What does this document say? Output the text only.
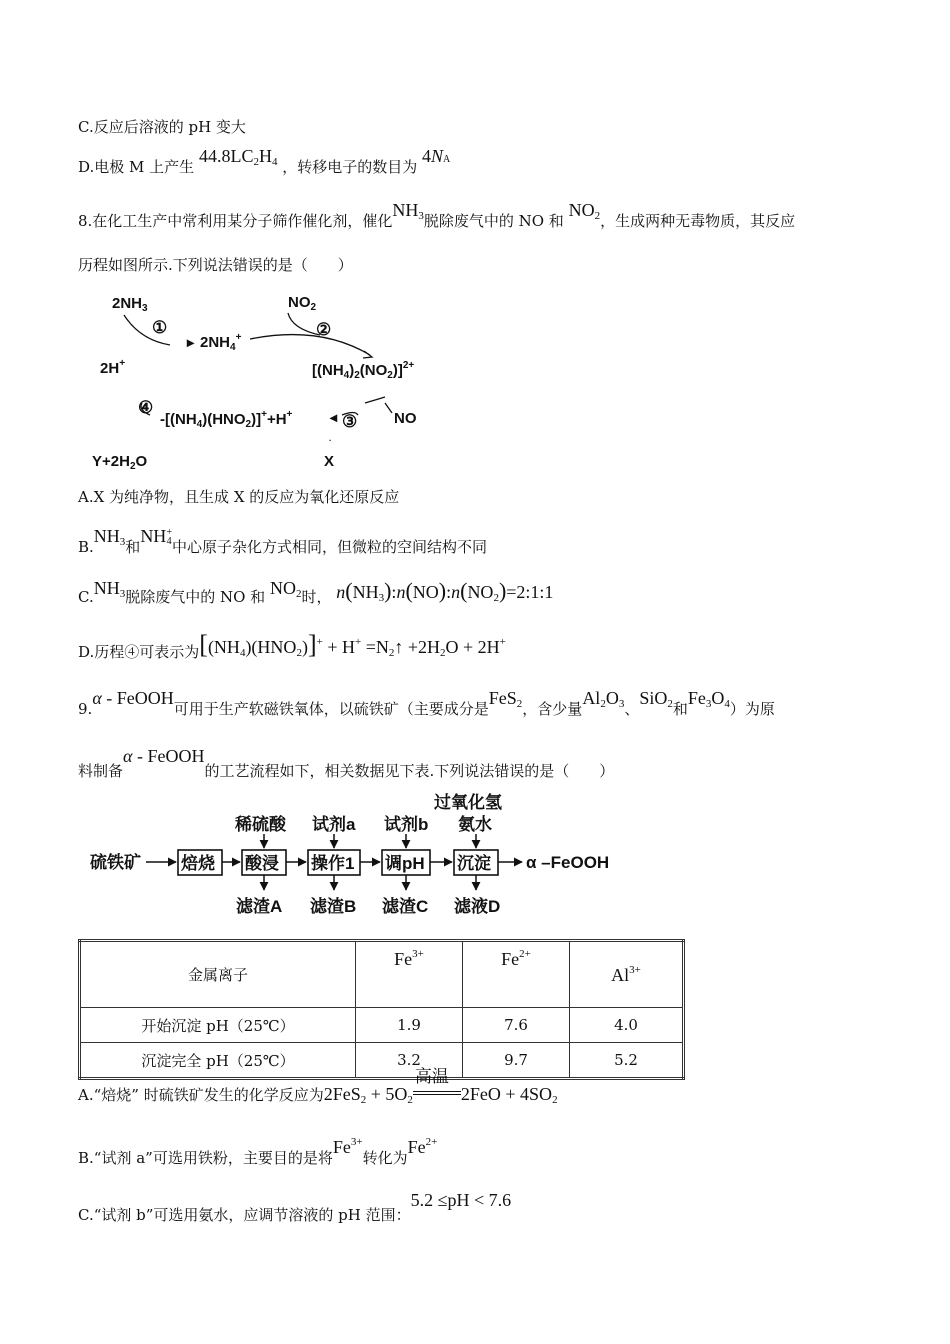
C.反应后溶液的 pH 变大
D.电极 M 上产生 44.8LC2H4 ，转移电子的数目为 4NA
8.在化工生产中常利用某分子筛作催化剂，催化NH3脱除废气中的 NO 和 NO2，生成两种无毒物质，其反应
历程如图所示.下列说法错误的是（　　）
$2NH_3$
①
▸ $2NH_4^+$
$NO_2$
②
2H+	$[(NH_4)_2(NO_2)]^{2+}$
④
$-[(NH_4)(HNO_2)]^++H^+$	◂ ③ NO
·
$Y+2H_2O$	X
A.X 为纯净物，且生成 X 的反应为氧化还原反应
B.NH3和NH +
4 中心原子杂化方式相同，但微粒的空间结构不同
C.NH3脱除废气中的 NO 和 NO2时， n(NH3):n(NO):n(NO2)=2:1:1
D.历程④可表示为[(NH4)(HNO2)]+ + H+ =N2↑ +2H2O + 2H+
9.α - FeOOH可用于生产软磁铁氧体，以硫铁矿（主要成分是FeS2，含少量Al2O3、SiO2和Fe3O4）为原
料制备α - FeOOH的工艺流程如下，相关数据见下表.下列说法错误的是（　　）
硫铁矿 焙烧 酸浸 操作1 调pH 沉淀 α –FeOOH
稀硫酸 试剂a 试剂b
过氧化氢
氨水
滤渣A 滤渣B 滤渣C 滤液D
金属离子	$Fe^{3+}$	$Fe^{2+}$	$Al^{3+}$
开始沉淀 pH（25℃）	1.9	7.6	4.0
沉淀完全 pH（25℃）	3.2	9.7	5.2
A.“焙烧” 时硫铁矿发生的化学反应为2FeS2 + 5O2
高温
2FeO + 4SO2
B.“试剂 a”可选用铁粉，主要目的是将$Fe^{3+}$转化为$Fe^{2+}$
C.“试剂 b”可选用氨水，应调节溶液的 pH 范围：5.2 ≤pH < 7.6
